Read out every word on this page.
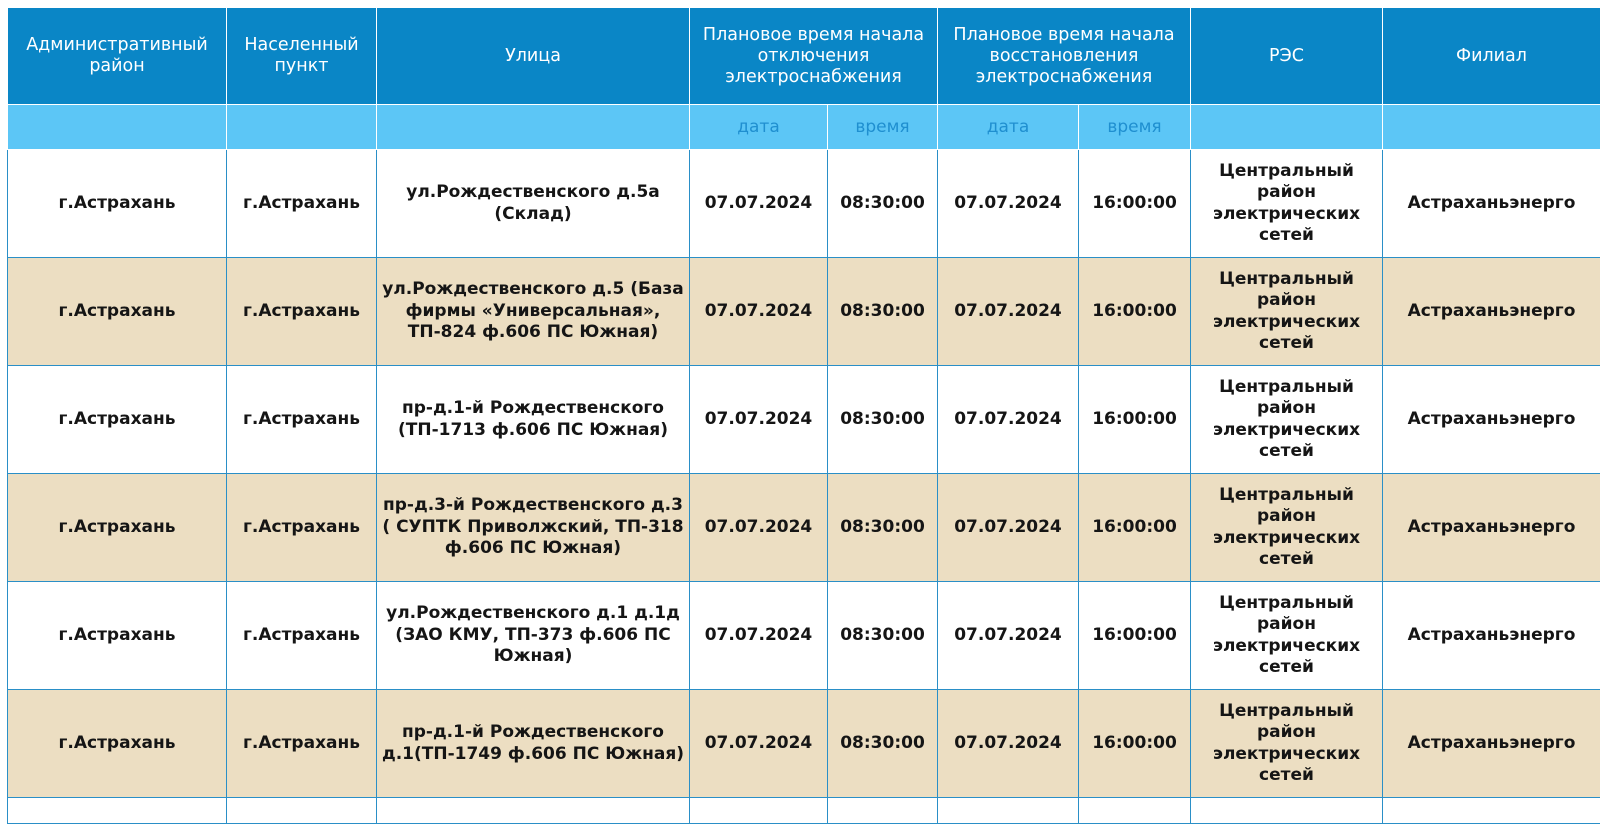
Административный район	Населенный пункт	Улица	Плановое время начала отключения электроснабжения		Плановое время начала восстановления электроснабжения		РЭС	Филиал
			дата	время	дата	время		
г.Астрахань	г.Астрахань	ул.Рождественского д.5а (Склад)	07.07.2024	08:30:00	07.07.2024	16:00:00	Центральный район электрических сетей	Астраханьэнерго
г.Астрахань	г.Астрахань	ул.Рождественского д.5 (База фирмы «Универсальная», ТП-824 ф.606 ПС Южная)	07.07.2024	08:30:00	07.07.2024	16:00:00	Центральный район электрических сетей	Астраханьэнерго
г.Астрахань	г.Астрахань	пр-д.1-й Рождественского (ТП-1713 ф.606 ПС Южная)	07.07.2024	08:30:00	07.07.2024	16:00:00	Центральный район электрических сетей	Астраханьэнерго
г.Астрахань	г.Астрахань	пр-д.3-й Рождественского д.3 ( СУПТК Приволжский, ТП-318 ф.606 ПС Южная)	07.07.2024	08:30:00	07.07.2024	16:00:00	Центральный район электрических сетей	Астраханьэнерго
г.Астрахань	г.Астрахань	ул.Рождественского д.1 д.1д (ЗАО КМУ, ТП-373 ф.606 ПС Южная)	07.07.2024	08:30:00	07.07.2024	16:00:00	Центральный район электрических сетей	Астраханьэнерго
г.Астрахань	г.Астрахань	пр-д.1-й Рождественского д.1(ТП-1749 ф.606 ПС Южная)	07.07.2024	08:30:00	07.07.2024	16:00:00	Центральный район электрических сетей	Астраханьэнерго
